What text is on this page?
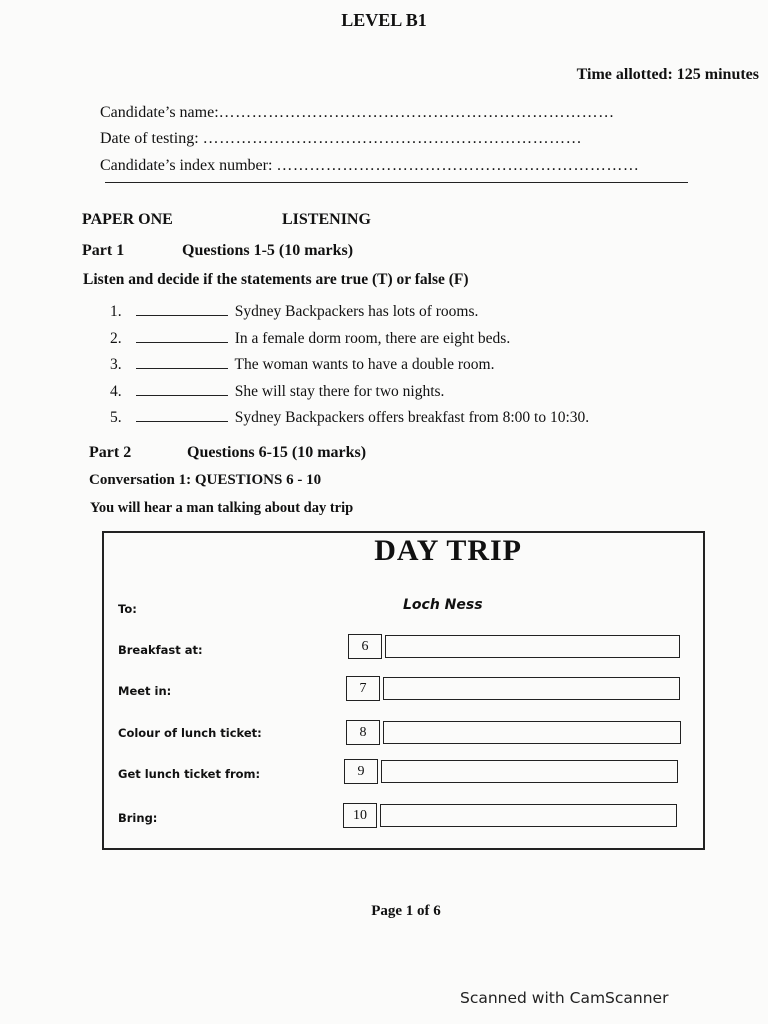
LEVEL B1
Time allotted: 125 minutes
Candidate’s name:………………………………………………………………
Date of testing: ……………………………………………………………
Candidate’s index number: …………………………………………………………
PAPER ONE	LISTENING
Part 1	Questions 1-5 (10 marks)
Listen and decide if the statements are true (T) or false (F)
1.	Sydney Backpackers has lots of rooms.
2.	In a female dorm room, there are eight beds.
3.	The woman wants to have a double room.
4.	She will stay there for two nights.
5.	Sydney Backpackers offers breakfast from 8:00 to 10:30.
Part 2	Questions 6-15 (10 marks)
Conversation 1: QUESTIONS 6 - 10
You will hear a man talking about day trip
DAY TRIP
To:	Loch Ness
Breakfast at:	6
Meet in:	7
Colour of lunch ticket:	8
Get lunch ticket from:	9
Bring:	10
Page 1 of 6
Scanned with CamScanner
